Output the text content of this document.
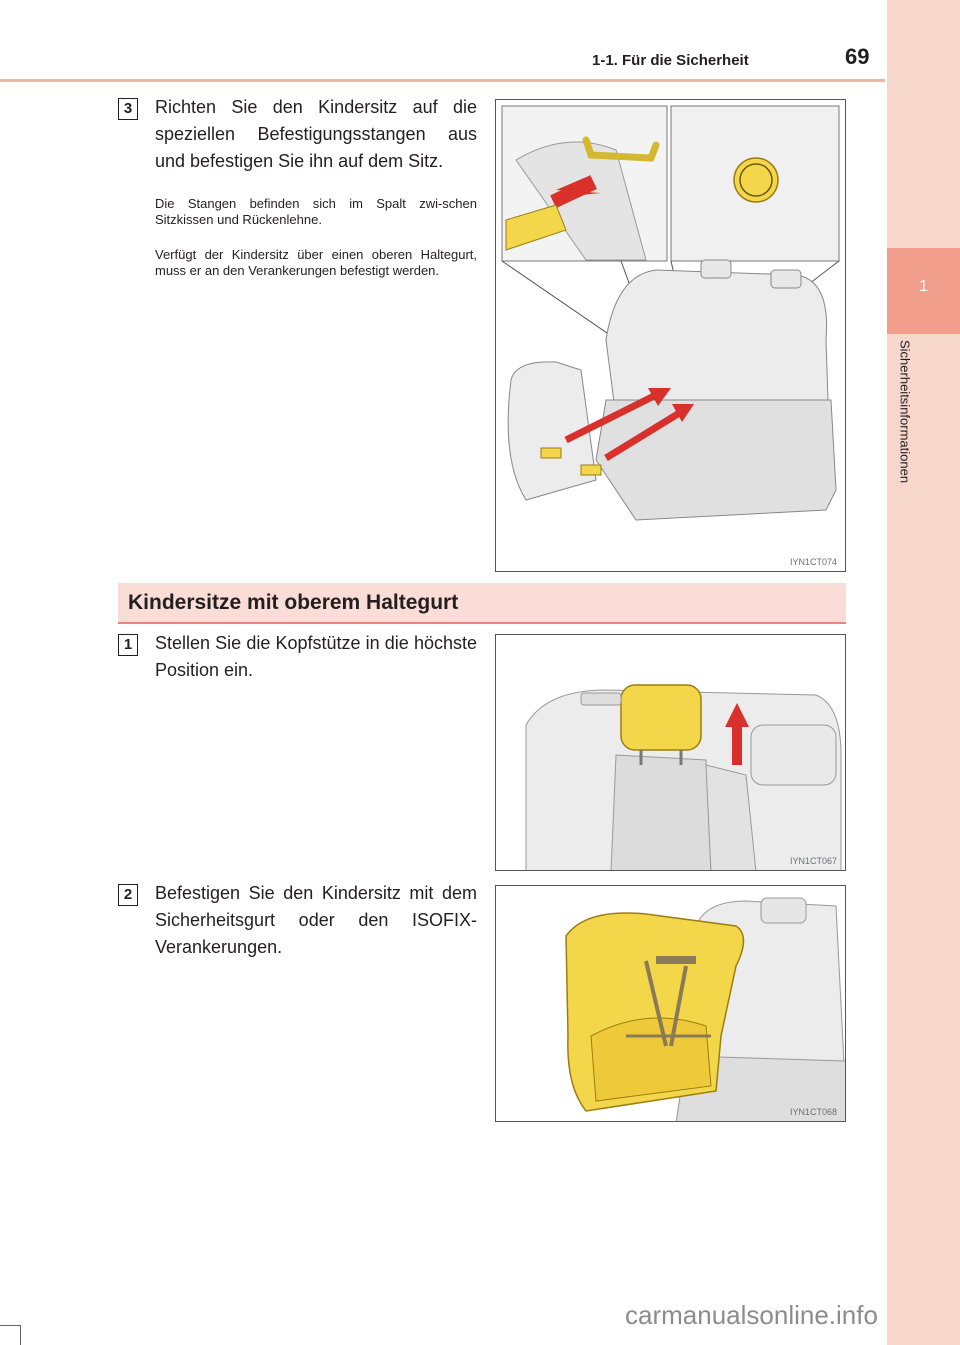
1-1. Für die Sicherheit	69
1
Sicherheitsinformationen
3	Richten Sie den Kindersitz auf die speziellen Befestigungsstangen aus und befestigen Sie ihn auf dem Sitz.
Die Stangen befinden sich im Spalt zwi-schen Sitzkissen und Rückenlehne.
Verfügt der Kindersitz über einen oberen Haltegurt, muss er an den Verankerungen befestigt werden.
IYN1CT074
Kindersitze mit oberem Haltegurt
1	Stellen Sie die Kopfstütze in die höchste Position ein.
IYN1CT067
2	Befestigen Sie den Kindersitz mit dem Sicherheitsgurt oder den ISOFIX-Verankerungen.
IYN1CT068
carmanualsonline.info
